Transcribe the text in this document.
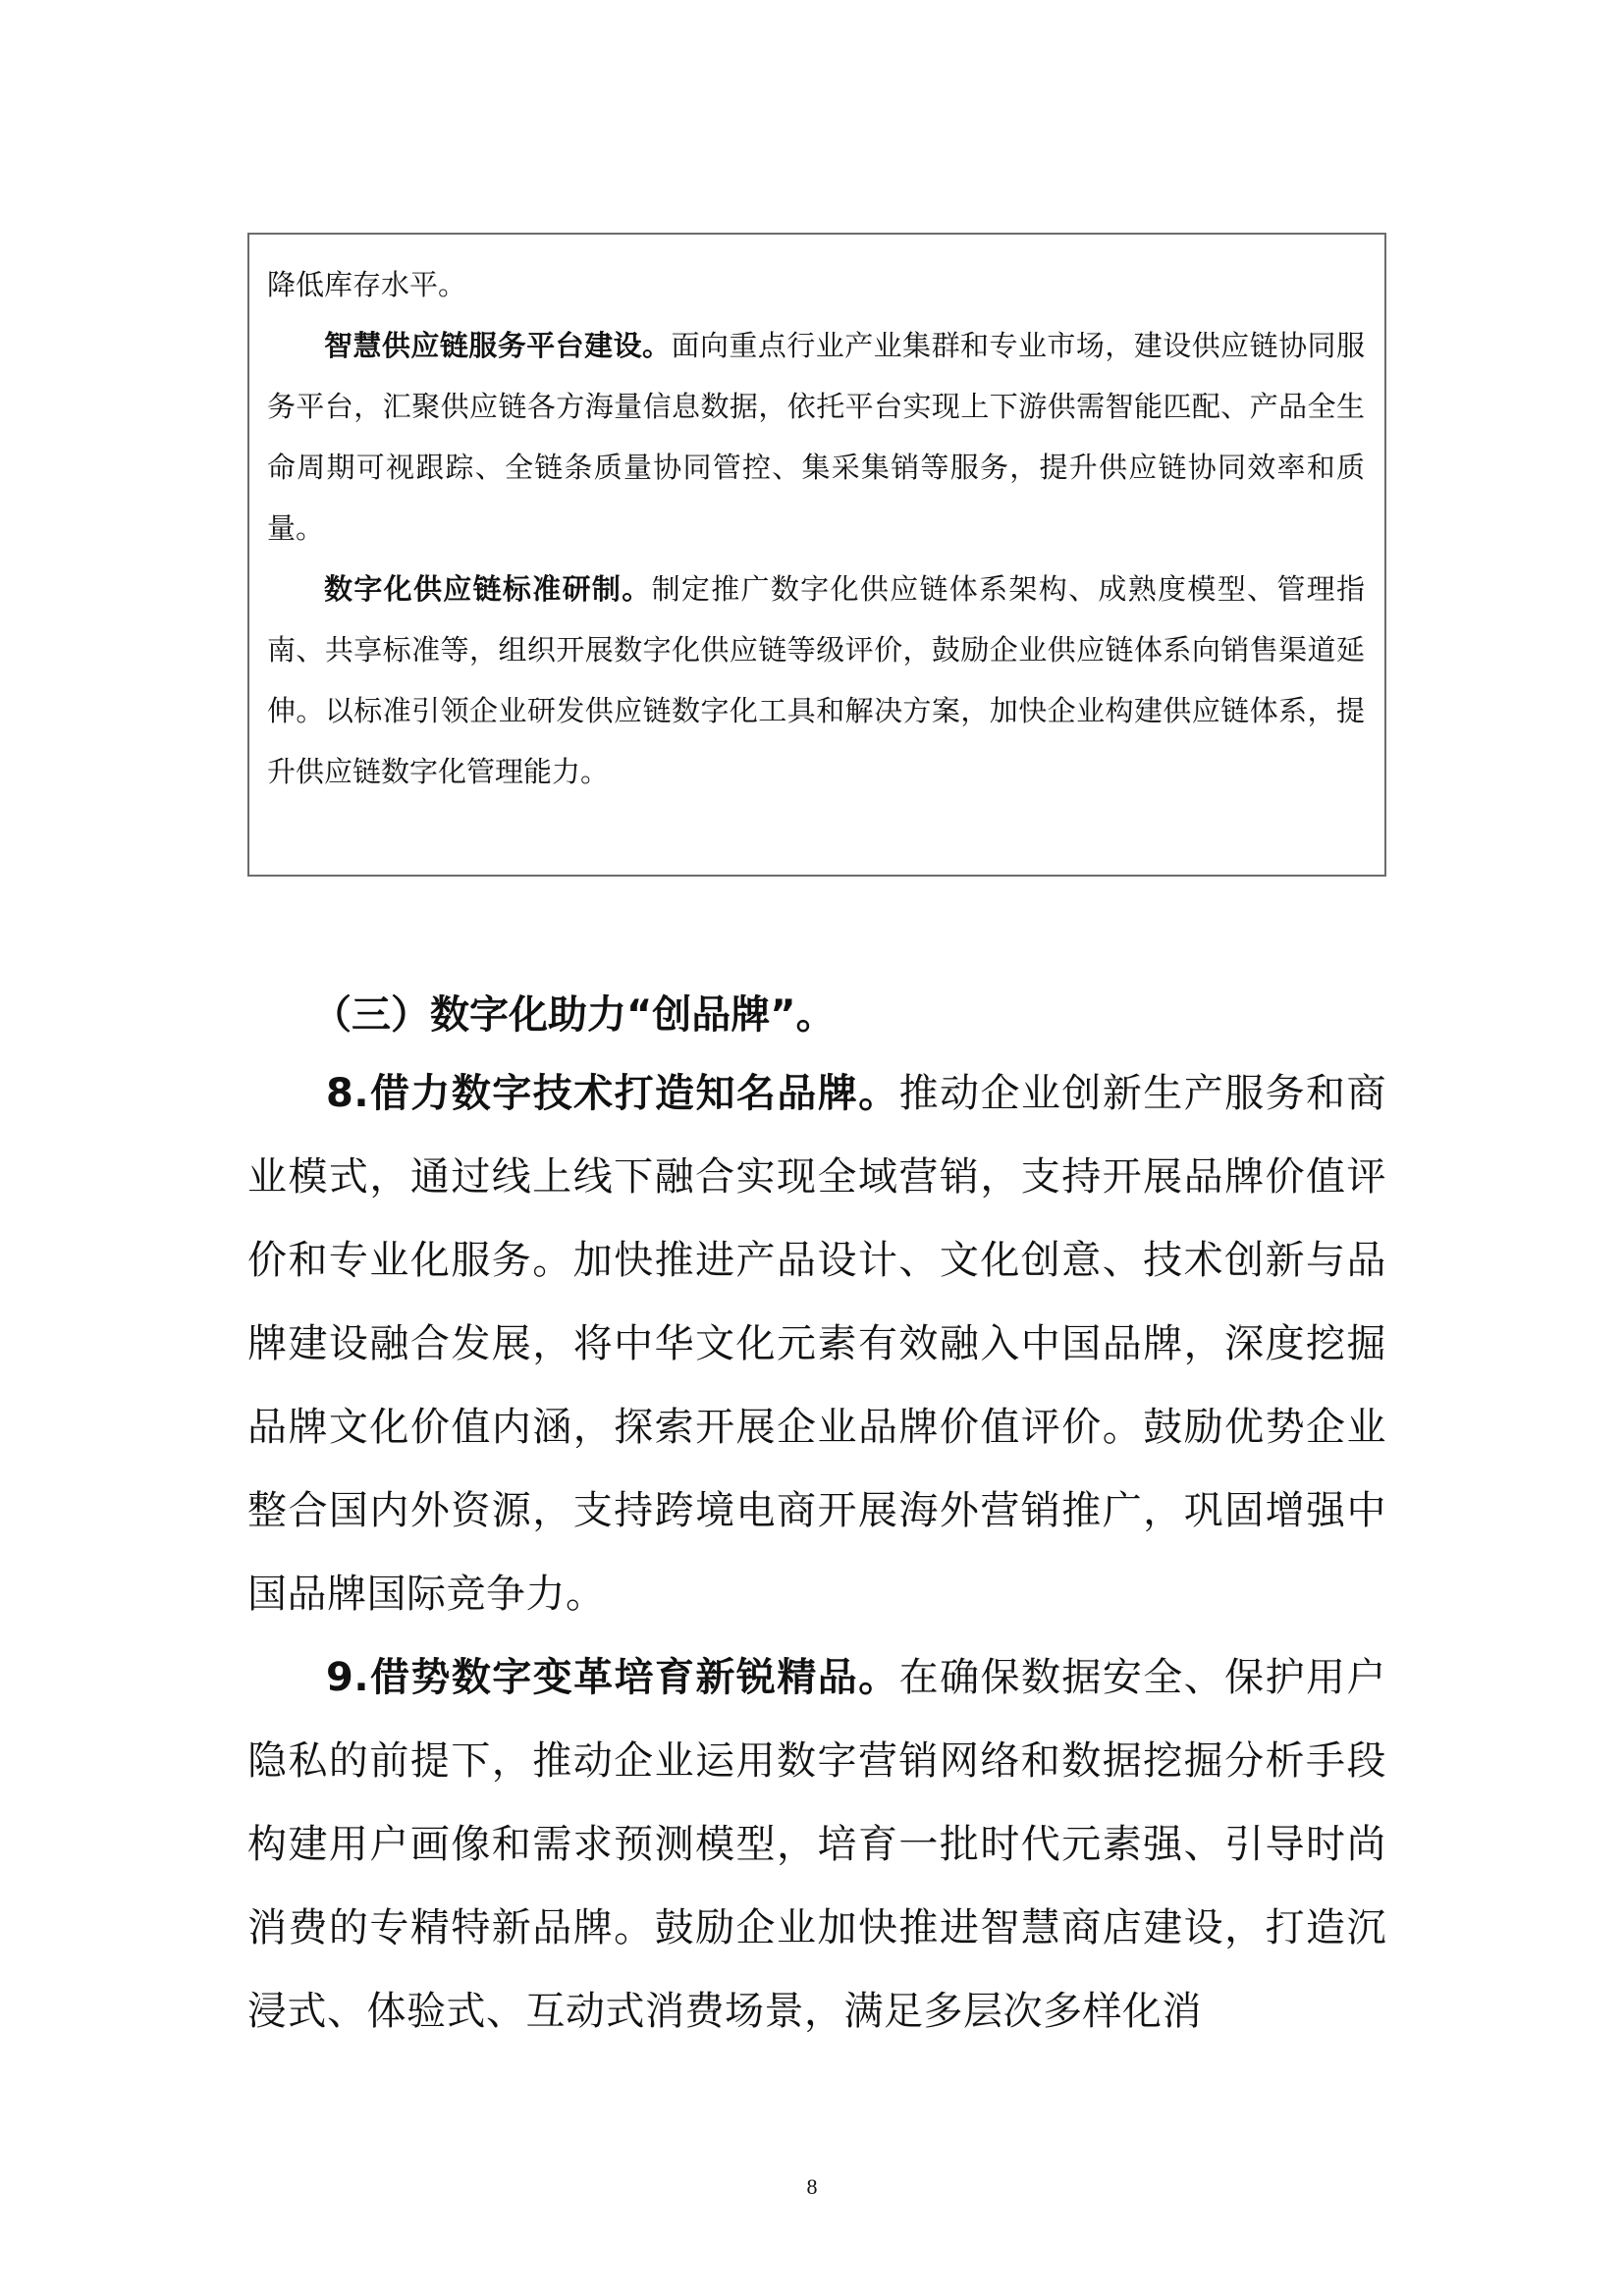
降低库存水平。

智慧供应链服务平台建设。面向重点行业产业集群和专业市场，建设供应链协同服务平台，汇聚供应链各方海量信息数据，依托平台实现上下游供需智能匹配、产品全生命周期可视跟踪、全链条质量协同管控、集采集销等服务，提升供应链协同效率和质量。

数字化供应链标准研制。制定推广数字化供应链体系架构、成熟度模型、管理指南、共享标准等，组织开展数字化供应链等级评价，鼓励企业供应链体系向销售渠道延伸。以标准引领企业研发供应链数字化工具和解决方案，加快企业构建供应链体系，提升供应链数字化管理能力。

（三）数字化助力“创品牌”。

8.借力数字技术打造知名品牌。推动企业创新生产服务和商业模式，通过线上线下融合实现全域营销，支持开展品牌价值评价和专业化服务。加快推进产品设计、文化创意、技术创新与品牌建设融合发展，将中华文化元素有效融入中国品牌，深度挖掘品牌文化价值内涵，探索开展企业品牌价值评价。鼓励优势企业整合国内外资源，支持跨境电商开展海外营销推广，巩固增强中国品牌国际竞争力。

9.借势数字变革培育新锐精品。在确保数据安全、保护用户隐私的前提下，推动企业运用数字营销网络和数据挖掘分析手段构建用户画像和需求预测模型，培育一批时代元素强、引导时尚消费的专精特新品牌。鼓励企业加快推进智慧商店建设，打造沉浸式、体验式、互动式消费场景，满足多层次多样化消

8
